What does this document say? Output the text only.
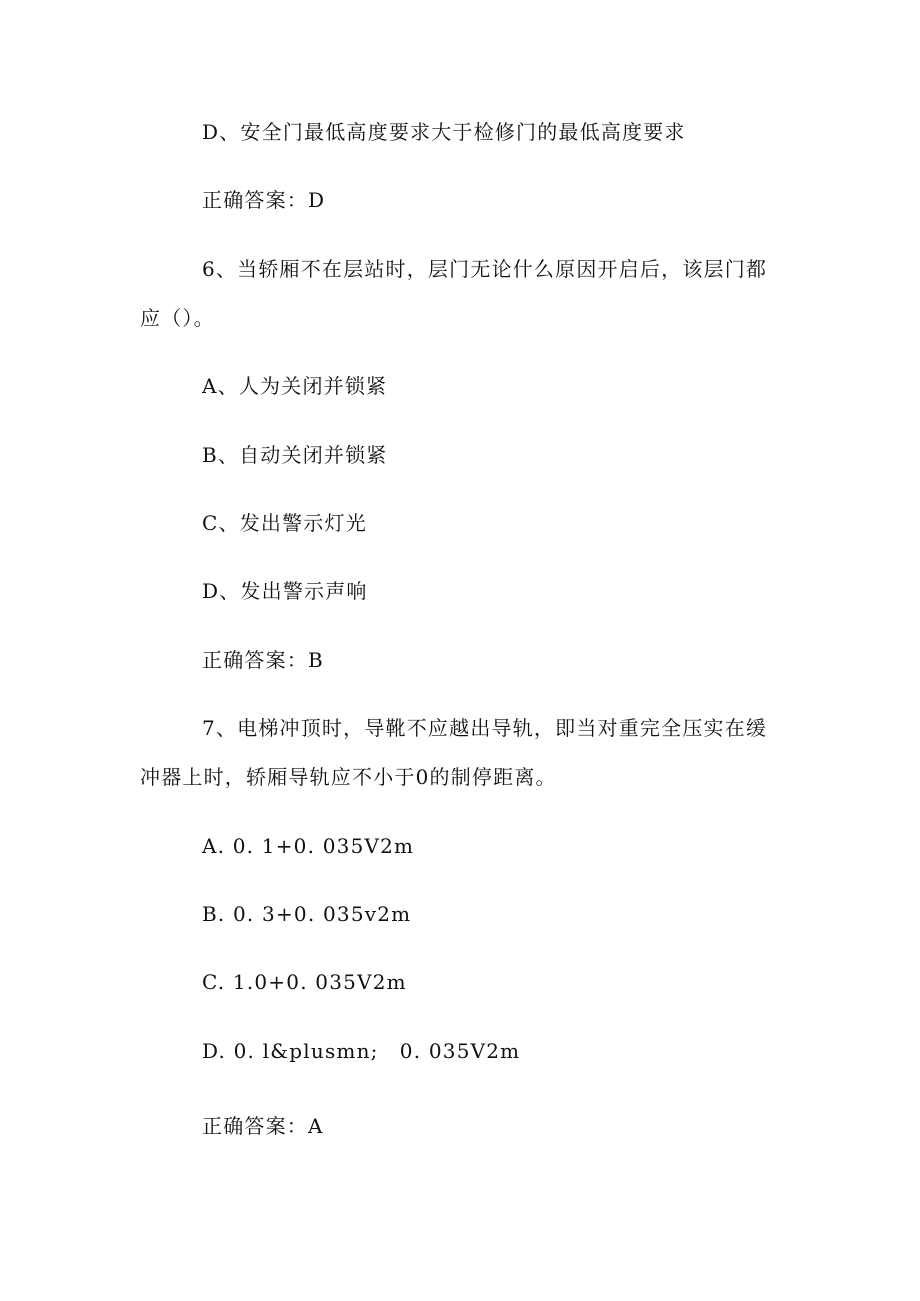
D、安全门最低高度要求大于检修门的最低高度要求
正确答案：D
6、当轿厢不在层站时，层门无论什么原因开启后，该层门都
应（）。
A、人为关闭并锁紧
B、自动关闭并锁紧
C、发出警示灯光
D、发出警示声响
正确答案：B
7、电梯冲顶时，导靴不应越出导轨，即当对重完全压实在缓
冲器上时，轿厢导轨应不小于0的制停距离。
A. 0. 1+0. 035V2m
B. 0. 3+0. 035v2m
C. 1.0+0. 035V2m
D. 0. l&plusmn;　0. 035V2m
正确答案：A
